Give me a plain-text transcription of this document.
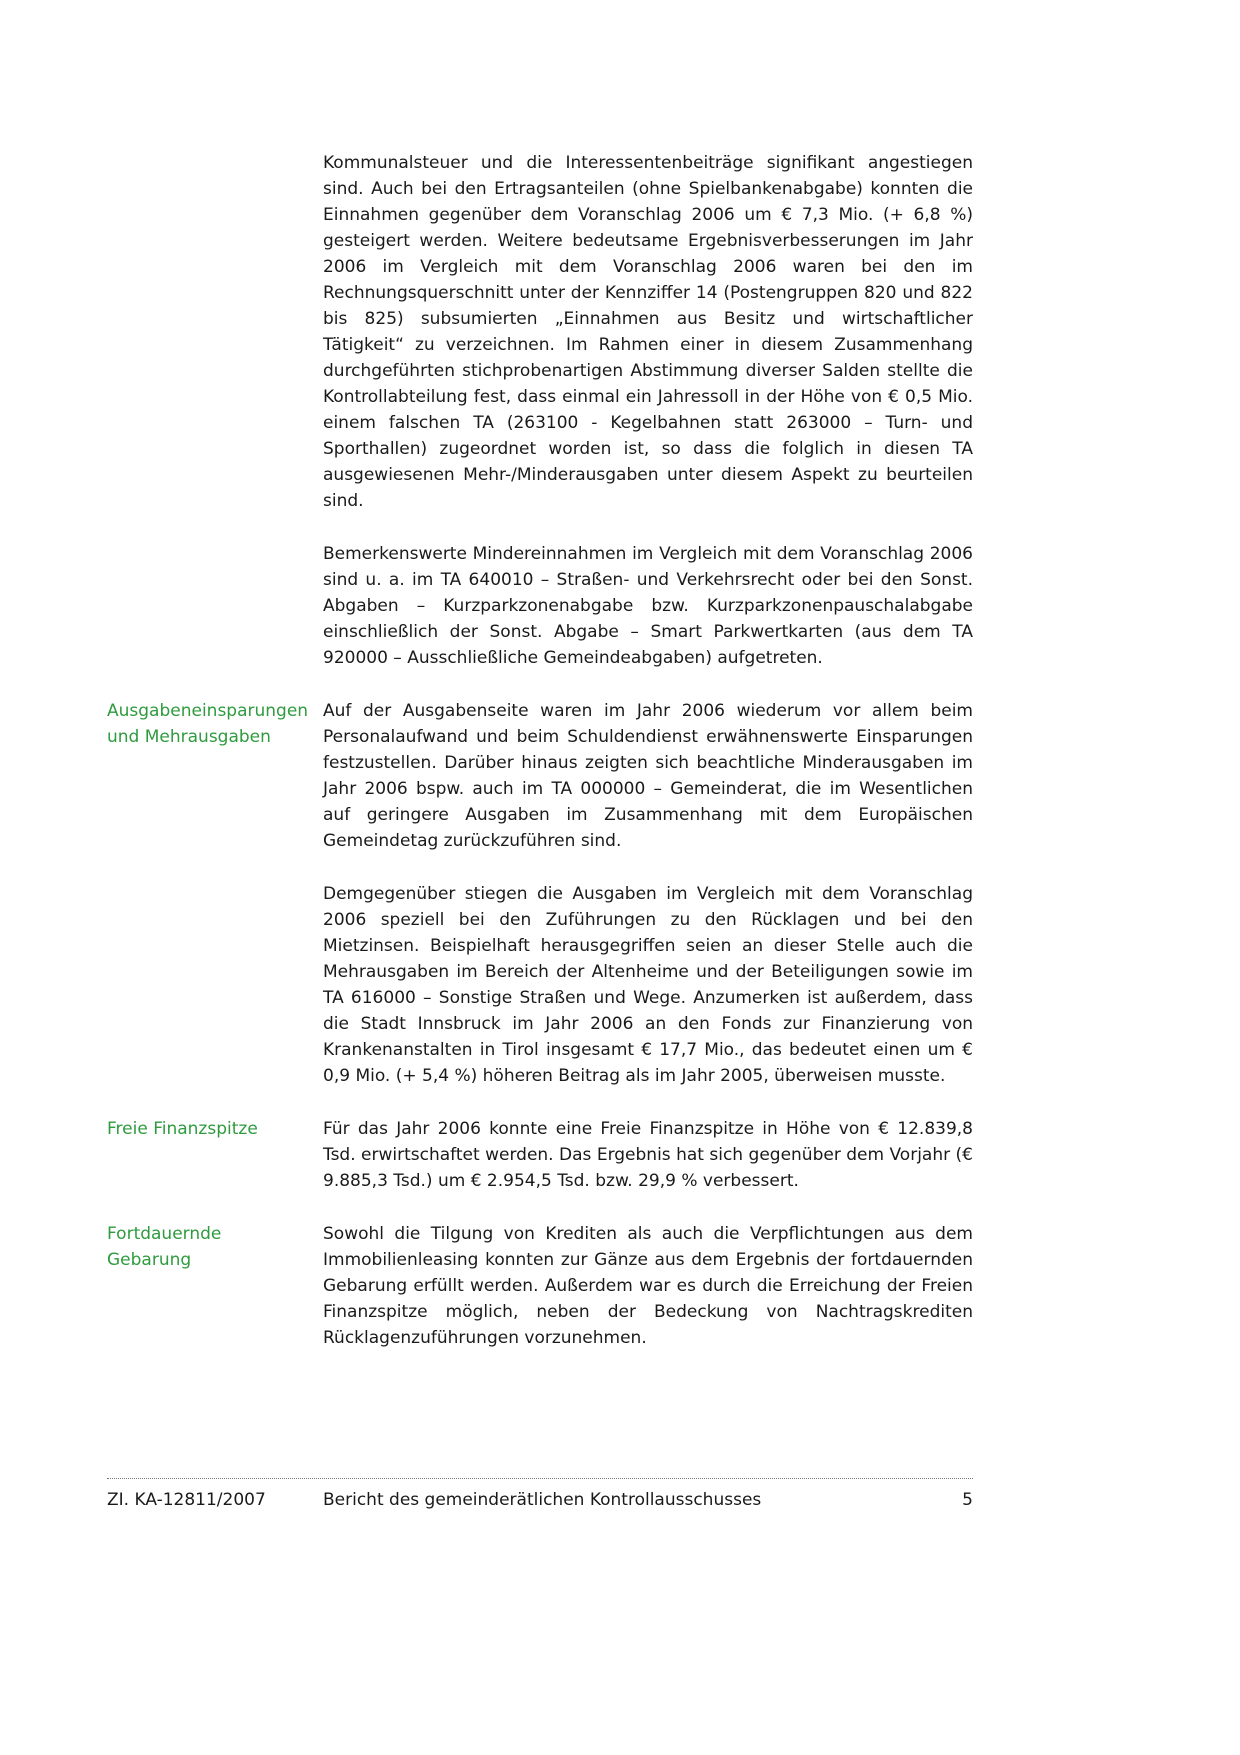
Kommunalsteuer und die Interessentenbeiträge signifikant angestiegen sind. Auch bei den Ertragsanteilen (ohne Spielbankenabgabe) konnten die Einnahmen gegenüber dem Voranschlag 2006 um € 7,3 Mio. (+ 6,8 %) gesteigert werden. Weitere bedeutsame Ergebnisverbesserungen im Jahr 2006 im Vergleich mit dem Voranschlag 2006 waren bei den im Rechnungsquerschnitt unter der Kennziffer 14 (Postengruppen 820 und 822 bis 825) subsumierten „Einnahmen aus Besitz und wirtschaftlicher Tätigkeit“ zu verzeichnen. Im Rahmen einer in diesem Zusammenhang durchgeführten stichprobenartigen Abstimmung diverser Salden stellte die Kontrollabteilung fest, dass einmal ein Jahressoll in der Höhe von € 0,5 Mio. einem falschen TA (263100 - Kegelbahnen statt 263000 – Turn- und Sporthallen) zugeordnet worden ist, so dass die folglich in diesen TA ausgewiesenen Mehr-/Minderausgaben unter diesem Aspekt zu beurteilen sind.

Bemerkenswerte Mindereinnahmen im Vergleich mit dem Voranschlag 2006 sind u. a. im TA 640010 – Straßen- und Verkehrsrecht oder bei den Sonst. Abgaben – Kurzparkzonenabgabe bzw. Kurzparkzonenpauschalabgabe einschließlich der Sonst. Abgabe – Smart Parkwertkarten (aus dem TA 920000 – Ausschließliche Gemeindeabgaben) aufgetreten.

Ausgabeneinsparungen und Mehrausgaben

Auf der Ausgabenseite waren im Jahr 2006 wiederum vor allem beim Personalaufwand und beim Schuldendienst erwähnenswerte Einsparungen festzustellen. Darüber hinaus zeigten sich beachtliche Minderausgaben im Jahr 2006 bspw. auch im TA 000000 – Gemeinderat, die im Wesentlichen auf geringere Ausgaben im Zusammenhang mit dem Europäischen Gemeindetag zurückzuführen sind.

Demgegenüber stiegen die Ausgaben im Vergleich mit dem Voranschlag 2006 speziell bei den Zuführungen zu den Rücklagen und bei den Mietzinsen. Beispielhaft herausgegriffen seien an dieser Stelle auch die Mehrausgaben im Bereich der Altenheime und der Beteiligungen sowie im TA 616000 – Sonstige Straßen und Wege. Anzumerken ist außerdem, dass die Stadt Innsbruck im Jahr 2006 an den Fonds zur Finanzierung von Krankenanstalten in Tirol insgesamt € 17,7 Mio., das bedeutet einen um € 0,9 Mio. (+ 5,4 %) höheren Beitrag als im Jahr 2005, überweisen musste.

Freie Finanzspitze	Für das Jahr 2006 konnte eine Freie Finanzspitze in Höhe von € 12.839,8 Tsd. erwirtschaftet werden. Das Ergebnis hat sich gegenüber dem Vorjahr (€ 9.885,3 Tsd.) um € 2.954,5 Tsd. bzw. 29,9 % verbessert.

Fortdauernde Gebarung

Sowohl die Tilgung von Krediten als auch die Verpflichtungen aus dem Immobilienleasing konnten zur Gänze aus dem Ergebnis der fortdauernden Gebarung erfüllt werden. Außerdem war es durch die Erreichung der Freien Finanzspitze möglich, neben der Bedeckung von Nachtragskrediten Rücklagenzuführungen vorzunehmen.

ZI. KA-12811/2007	Bericht des gemeinderätlichen Kontrollausschusses	5
